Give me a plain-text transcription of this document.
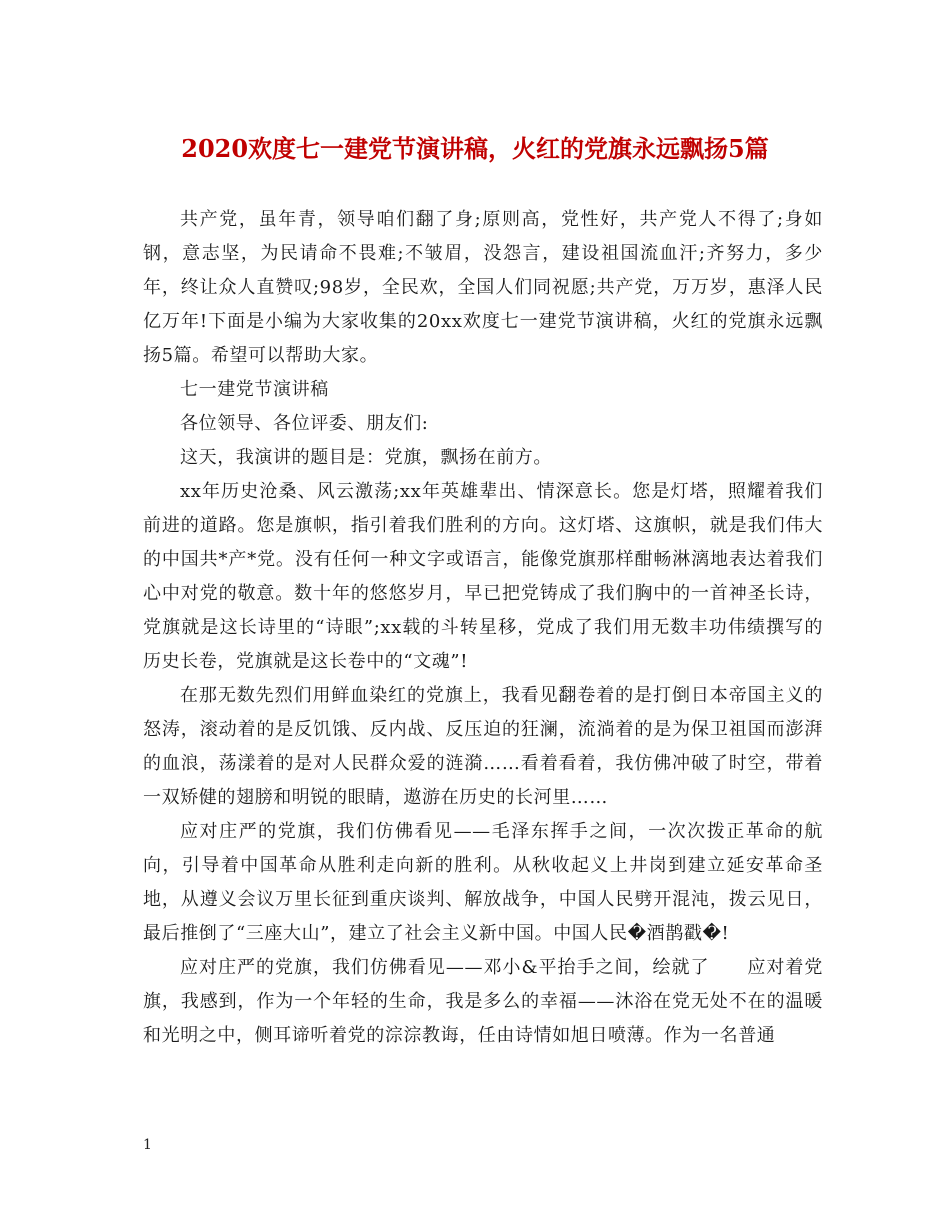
2020欢度七一建党节演讲稿，火红的党旗永远飘扬5篇

共产党，虽年青，领导咱们翻了身;原则高，党性好，共产党人不得了;身如钢，意志坚，为民请命不畏难;不皱眉，没怨言，建设祖国流血汗;齐努力，多少年，终让众人直赞叹;98岁，全民欢，全国人们同祝愿;共产党，万万岁，惠泽人民亿万年!下面是小编为大家收集的20xx欢度七一建党节演讲稿，火红的党旗永远飘扬5篇。希望可以帮助大家。

七一建党节演讲稿

各位领导、各位评委、朋友们:

这天，我演讲的题目是：党旗，飘扬在前方。

xx年历史沧桑、风云激荡;xx年英雄辈出、情深意长。您是灯塔，照耀着我们前进的道路。您是旗帜，指引着我们胜利的方向。这灯塔、这旗帜，就是我们伟大的中国共*产*党。没有任何一种文字或语言，能像党旗那样酣畅淋漓地表达着我们心中对党的敬意。数十年的悠悠岁月，早已把党铸成了我们胸中的一首神圣长诗，党旗就是这长诗里的“诗眼”;xx载的斗转星移，党成了我们用无数丰功伟绩撰写的历史长卷，党旗就是这长卷中的“文魂”!

在那无数先烈们用鲜血染红的党旗上，我看见翻卷着的是打倒日本帝国主义的怒涛，滚动着的是反饥饿、反内战、反压迫的狂澜，流淌着的是为保卫祖国而澎湃的血浪，荡漾着的是对人民群众爱的涟漪……看着看着，我仿佛冲破了时空，带着一双矫健的翅膀和明锐的眼睛，遨游在历史的长河里……

应对庄严的党旗，我们仿佛看见——毛泽东挥手之间，一次次拨正革命的航向，引导着中国革命从胜利走向新的胜利。从秋收起义上井岗到建立延安革命圣地，从遵义会议万里长征到重庆谈判、解放战争，中国人民劈开混沌，拨云见日，最后推倒了“三座大山”，建立了社会主义新中国。中国人民�酒鹊戳�!

应对庄严的党旗，我们仿佛看见——邓小&平抬手之间，绘就了　　应对着党旗，我感到，作为一个年轻的生命，我是多么的幸福——沐浴在党无处不在的温暖和光明之中，侧耳谛听着党的淙淙教诲，任由诗情如旭日喷薄。作为一名普通

1
